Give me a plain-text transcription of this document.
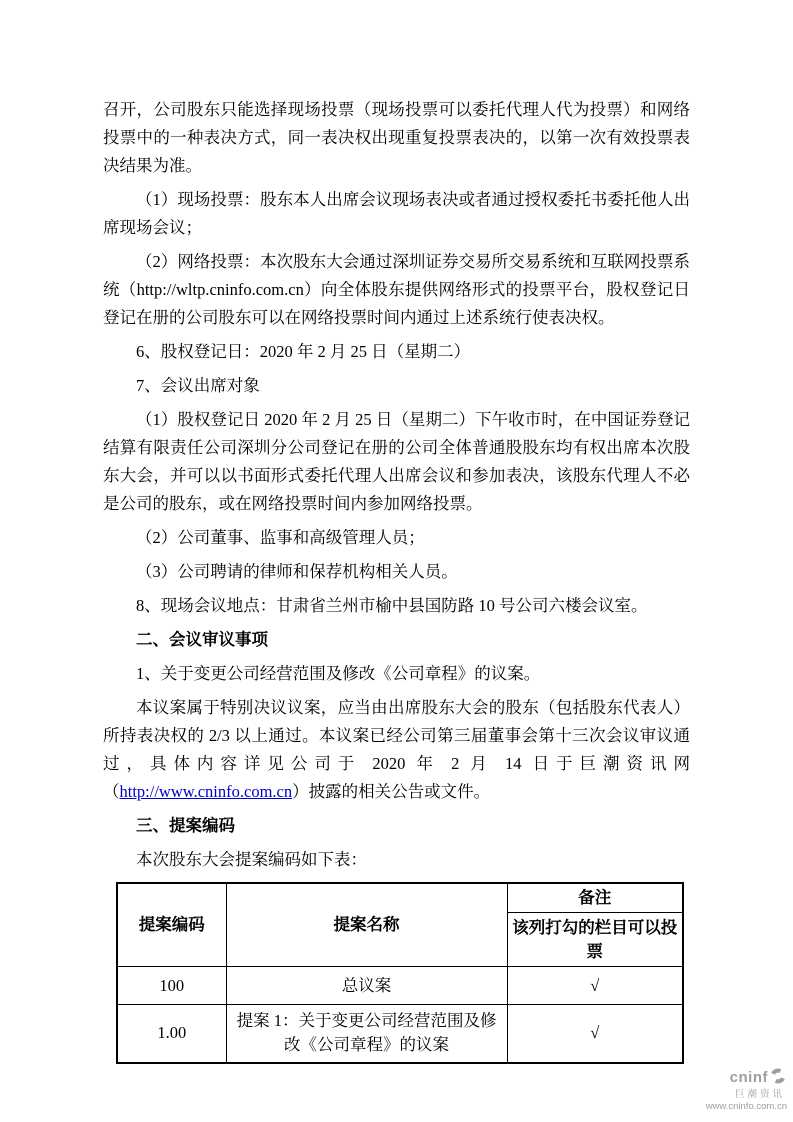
召开，公司股东只能选择现场投票（现场投票可以委托代理人代为投票）和网络投票中的一种表决方式，同一表决权出现重复投票表决的，以第一次有效投票表决结果为准。

（1）现场投票：股东本人出席会议现场表决或者通过授权委托书委托他人出席现场会议；

（2）网络投票：本次股东大会通过深圳证券交易所交易系统和互联网投票系统（http://wltp.cninfo.com.cn）向全体股东提供网络形式的投票平台，股权登记日登记在册的公司股东可以在网络投票时间内通过上述系统行使表决权。

6、股权登记日：2020 年 2 月 25 日（星期二）

7、会议出席对象

（1）股权登记日 2020 年 2 月 25 日（星期二）下午收市时，在中国证券登记结算有限责任公司深圳分公司登记在册的公司全体普通股股东均有权出席本次股东大会，并可以以书面形式委托代理人出席会议和参加表决，该股东代理人不必是公司的股东，或在网络投票时间内参加网络投票。

（2）公司董事、监事和高级管理人员；

（3）公司聘请的律师和保荐机构相关人员。

8、现场会议地点：甘肃省兰州市榆中县国防路 10 号公司六楼会议室。

二、会议审议事项

1、关于变更公司经营范围及修改《公司章程》的议案。

本议案属于特别决议议案，应当由出席股东大会的股东（包括股东代表人）所持表决权的 2/3 以上通过。本议案已经公司第三届董事会第十三次会议审议通过，具体内容详见公司于 2020 年 2 月 14 日于巨潮资讯网（http://www.cninfo.com.cn）披露的相关公告或文件。

三、提案编码

本次股东大会提案编码如下表：

提案编码	提案名称	备注
		该列打勾的栏目可以投票
100	总议案	√
1.00	提案 1：关于变更公司经营范围及修改《公司章程》的议案	√
cninf
巨潮资讯
www.cninfo.com.cn
